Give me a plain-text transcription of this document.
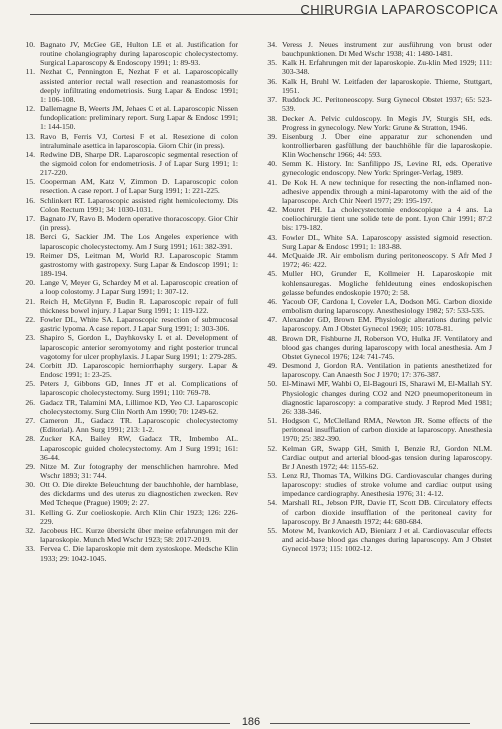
CHIRURGIA LAPAROSCOPICA
10. Bagnato JV, McGee GE, Hulton LE et al. Justification for routine cholangiography during laparoscopic cholecystectomy. Surgical Laparoscopy & Endoscopy 1991; 1: 89-93.
11. Nezhat C, Pennington E, Nezhat F et al. Laparoscopically assisted anterior rectal wall resection and reanastomosis for deeply infiltrating endometriosis. Surg Lapar & Endosc 1991; 1: 106-108.
12. Dallemagne B, Weerts JM, Jehaes C et al. Laparoscopic Nissen fundoplication: preliminary report. Surg Lapar & Endosc 1991; 1: 144-150.
13. Ravo B, Ferris VJ, Cortesi F et al. Resezione di colon intraluminale asettica in laparoscopia. Giorn Chir (in press).
14. Redwine DB, Sharpe DR. Laparoscopic segmental resection of the sigmoid colon for endometriosis. J of Lapar Surg 1991; 1: 217-220.
15. Cooperman AM, Katz V, Zimmon D. Laparoscopic colon resection. A case report. J of Lapar Surg 1991; 1: 221-225.
16. Schlinkert RT. Laparoscopic assisted right hemicolectomy. Dis Colon Rectum 1991; 34: 1030-1031.
17. Bagnato JV, Ravo B. Modern operative thoracoscopy. Gior Chir (in press).
18. Berci G, Sackier JM. The Los Angeles experience with laparoscopic cholecystectomy. Am J Surg 1991; 161: 382-391.
19. Reimer DS, Leitman M, World RJ. Laparoscopic Stamm gastrostomy with gastropexy. Surg Lapar & Endoscop 1991; 1: 189-194.
20. Lange V, Meyer G, Schardey M et al. Laparoscopic creation of a loop colostomy. J Lapar Surg 1991; 1: 307-12.
21. Reich H, McGlynn F, Budin R. Laparoscopic repair of full thickness bowel injury. J Lapar Surg 1991; 1: 119-122.
22. Fowler DL, White SA. Laparoscopic resection of submucosal gastric lypoma. A case report. J Lapar Surg 1991; 1: 303-306.
23. Shapiro S, Gordon L, Dayhkovsky L et al. Development of laparoscopic anterior seromyotomy and right posterior truncal vagotomy for ulcer prophylaxis. J Lapar Surg 1991; 1: 279-285.
24. Corbitt JD. Laparoscopic herniorrhaphy surgery. Lapar & Endosc 1991; 1: 23-25.
25. Peters J, Gibbons GD, Innes JT et al. Complications of laparoscopic cholecystectomy. Surg 1991; 110: 769-78.
26. Gadacz TR, Talamini MA, Lillimoe KD, Yeo CJ. Laparoscopic cholecystectomy. Surg Clin North Am 1990; 70: 1249-62.
27. Cameron JL, Gadacz TR. Laparoscopic cholecystectomy (Editorial). Ann Surg 1991; 213: 1-2.
28. Zucker KA, Bailey RW, Gadacz TR, Imbembo AL. Laparoscopic guided cholecystectomy. Am J Surg 1991; 161: 36-44.
29. Nitze M. Zur fotography der menschlichen harnrohre. Med Wschr 1893; 31: 744.
30. Ott O. Die direkte Beleuchtung der bauchhohle, der harnblase, des dickdarms und des uterus zu diagnostichen zwecken. Rev Med Tcheque (Prague) 1909; 2: 27.
31. Kelling G. Zur coelioskopie. Arch Klin Chir 1923; 126: 226-229.
32. Jacobeus HC. Kurze übersicht über meine erfahrungen mit der laparoskopie. Munch Med Wschr 1923; 58: 2017-2019.
33. Fervea C. Die laparoskopie mit dem zystoskope. Medsche Klin 1933; 29: 1042-1045.
34. Veress J. Neues instrument zur ausführung von brust oder bauchpunktionen. Dt Med Wschr 1938; 41: 1480-1481.
35. Kalk H. Erfahrungen mit der laparoskopie. Zu-klin Med 1929; 111: 303-348.
36. Kalk H, Bruhl W. Leitfaden der laparoskopie. Thieme, Stuttgart, 1951.
37. Ruddock JC. Peritoneoscopy. Surg Gynecol Obstet 1937; 65: 523-539.
38. Decker A. Pelvic culdoscopy. In Megis JV, Sturgis SH, eds. Progress in gynecology. New York: Grune & Stratton, 1946.
39. Eisenburg J. Über eine apparatur zur schonenden und kontrollierbaren gasfüllung der bauchhöhle für die laparoskopie. Klin Wochenschr 1966; 44: 593.
40. Semm K. History. In: Sanfilippo JS, Levine RI, eds. Operative gynecologic endoscopy. New York: Springer-Verlag, 1989.
41. De Kok H. A new technique for resecting the non-inflamed non-adhesive appendix through a mini-laparotomy with the aid of the laparoscope. Arch Chir Neerl 1977; 29: 195-197.
42. Mouret PH. La cholecystectomie endoscopique a 4 ans. La coeliochirurgie tient une solide tete de pont. Lyon Chir 1991; 87:2 bis: 179-182.
43. Fowler DL, White SA. Laparoscopy assisted sigmoid resection. Surg Lapar & Endosc 1991; 1: 183-88.
44. McQuaide JR. Air embolism during peritoneoscopy. S Afr Med J 1972; 46: 422.
45. Muller HO, Grunder E, Kollmeier H. Laparoskopie mit kohlensauregas. Mogliche fehldeutung eines endoskopischen gelasse befundes endoskopie 1970; 2: 58.
46. Yacoub OF, Cardona I, Coveler LA, Dodson MG. Carbon dioxide embolism during laparoscopy. Anesthesiology 1982; 57: 533-535.
47. Alexander GD, Brown EM. Physiologic alterations during pelvic laparoscopy. Am J Obstet Gynecol 1969; 105: 1078-81.
48. Brown DR, Fishburne JI, Roberson VO, Hulka JF. Ventilatory and blood gas changes during laparoscopy with local anesthesia. Am J Obstet Gynecol 1976; 124: 741-745.
49. Desmond J, Gordon RA. Ventilation in patients anesthetized for laparoscopy. Can Anaesth Soc J 1970; 17: 376-387.
50. El-Minawi MF, Wahbi O, El-Bagouri IS, Sharawi M, El-Mallah SY. Physiologic changes during CO2 and N2O pneumoperitoneum in diagnostic laparoscopy: a comparative study. J Reprod Med 1981; 26: 338-346.
51. Hodgson C, McClelland RMA, Newton JR. Some effects of the peritoneal insufflation of carbon dioxide at laparoscopy. Anesthesia 1970; 25: 382-390.
52. Kelman GR, Swapp GH, Smith I, Benzie RJ, Gordon NLM. Cardiac output and arterial blood-gas tension during laparoscopy. Br J Anesth 1972; 44: 1155-62.
53. Lenz RJ, Thomas TA, Wilkins DG. Cardiovascular changes during laparoscopy: studies of stroke volume and cardiac output using impedance cardiography. Anesthesia 1976; 31: 4-12.
54. Marshall RL, Jebson PJR, Davie IT, Scott DB. Circulatory effects of carbon dioxide insufflation of the peritoneal cavity for laparoscopy. Br J Anaesth 1972; 44: 680-684.
55. Motew M, Ivankovich AD, Bieniarz J et al. Cardiovascular effects and acid-base blood gas changes during laparoscopy. Am J Obstet Gynecol 1973; 115: 1002-12.
186
